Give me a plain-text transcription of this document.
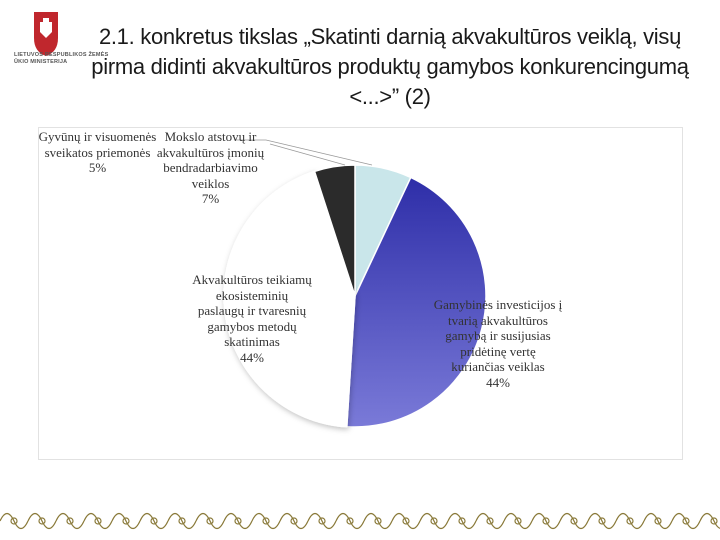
LIETUVOS RESPUBLIKOS ŽEMĖS ŪKIO MINISTERIJA
2.1. konkretus tikslas „Skatinti darnią akvakultūros veiklą, visų pirma didinti akvakultūros produktų gamybos konkurencingumą <...>” (2)
Gyvūnų ir visuomenės sveikatos priemonės
5%
Mokslo atstovų ir akvakultūros įmonių bendradarbiavimo veiklos
7%
Akvakultūros teikiamų ekosisteminių paslaugų ir tvaresnių gamybos metodų skatinimas
44%
Gamybinės investicijos į tvarią akvakultūros gamybą ir susijusias pridėtinę vertę kuriančias veiklas
44%
